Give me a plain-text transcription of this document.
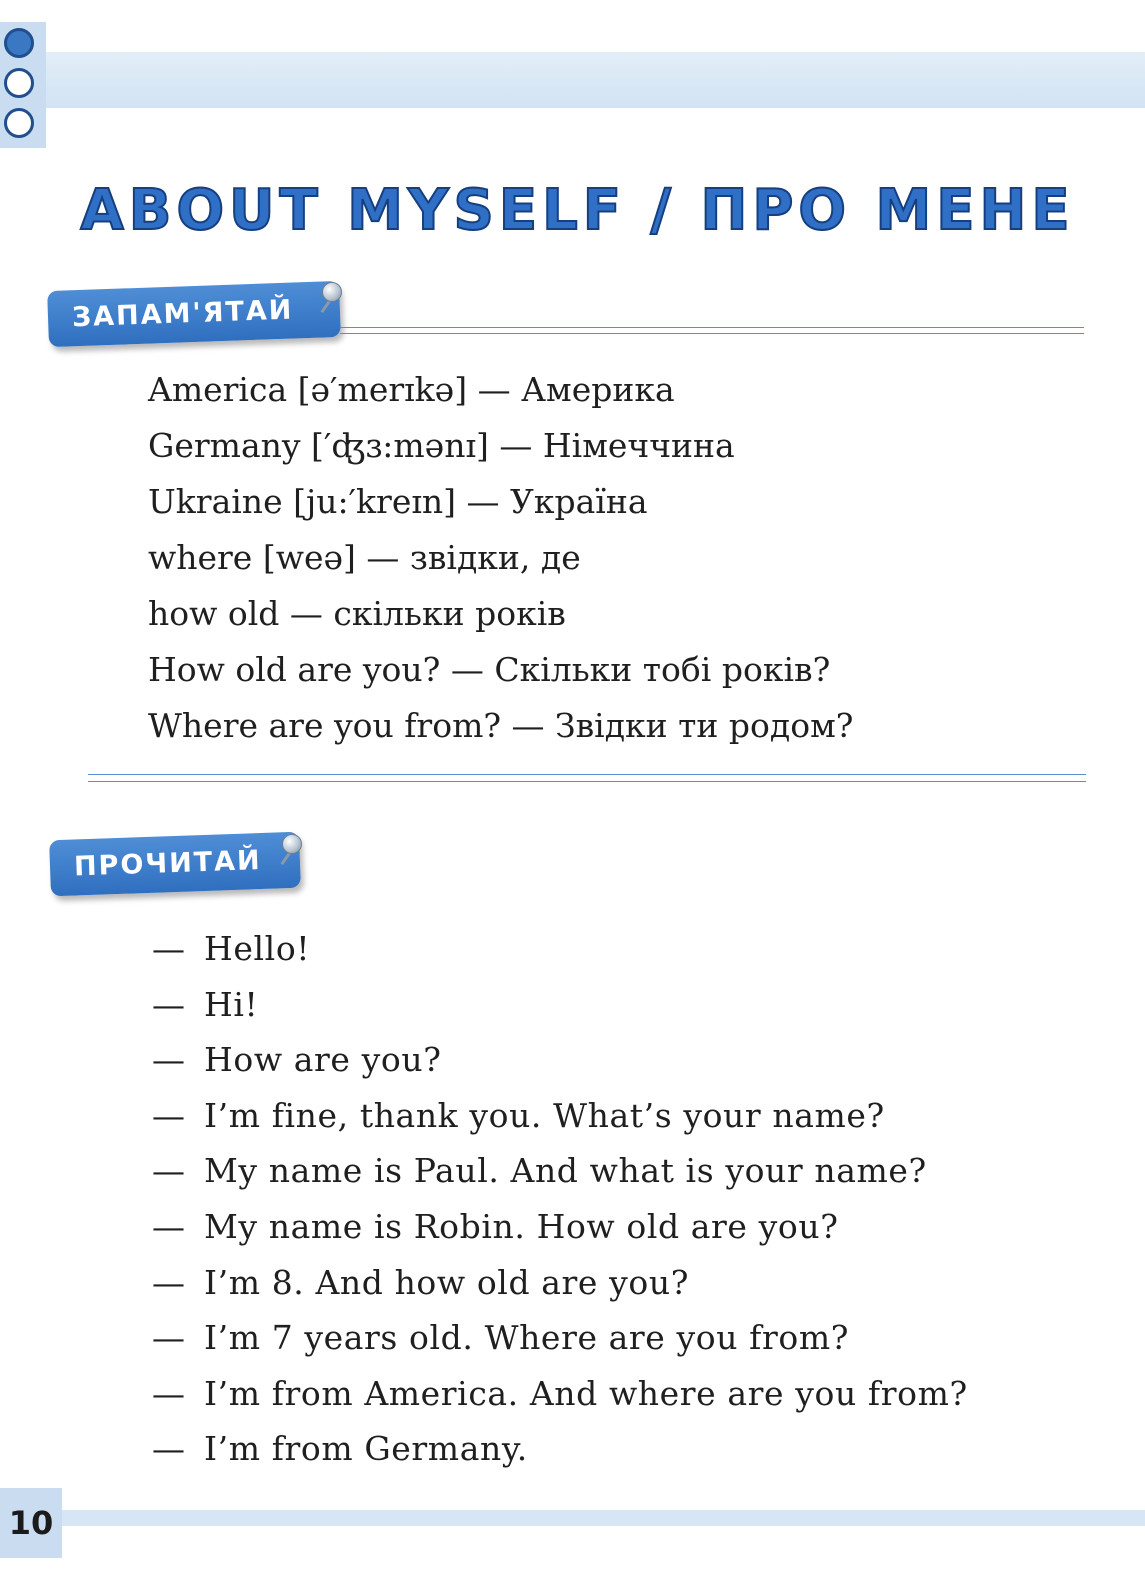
ABOUT MYSELF / ПРО МЕНЕ
ЗАПАМ'ЯТАЙ
America [ə′merɪkə] — Америка
Germany [′ʤɜ:mənɪ] — Німеччина
Ukraine [ju:′kreɪn] — Україна
where [weə] — звідки, де
how old — скільки років
How old are you? — Скільки тобі років?
Where are you from? — Звідки ти родом?
ПРОЧИТАЙ
— Hello!
— Hi!
— How are you?
— I’m fine, thank you. What’s your name?
— My name is Paul. And what is your name?
— My name is Robin. How old are you?
— I’m 8. And how old are you?
— I’m 7 years old. Where are you from?
— I’m from America. And where are you from?
— I’m from Germany.
10
